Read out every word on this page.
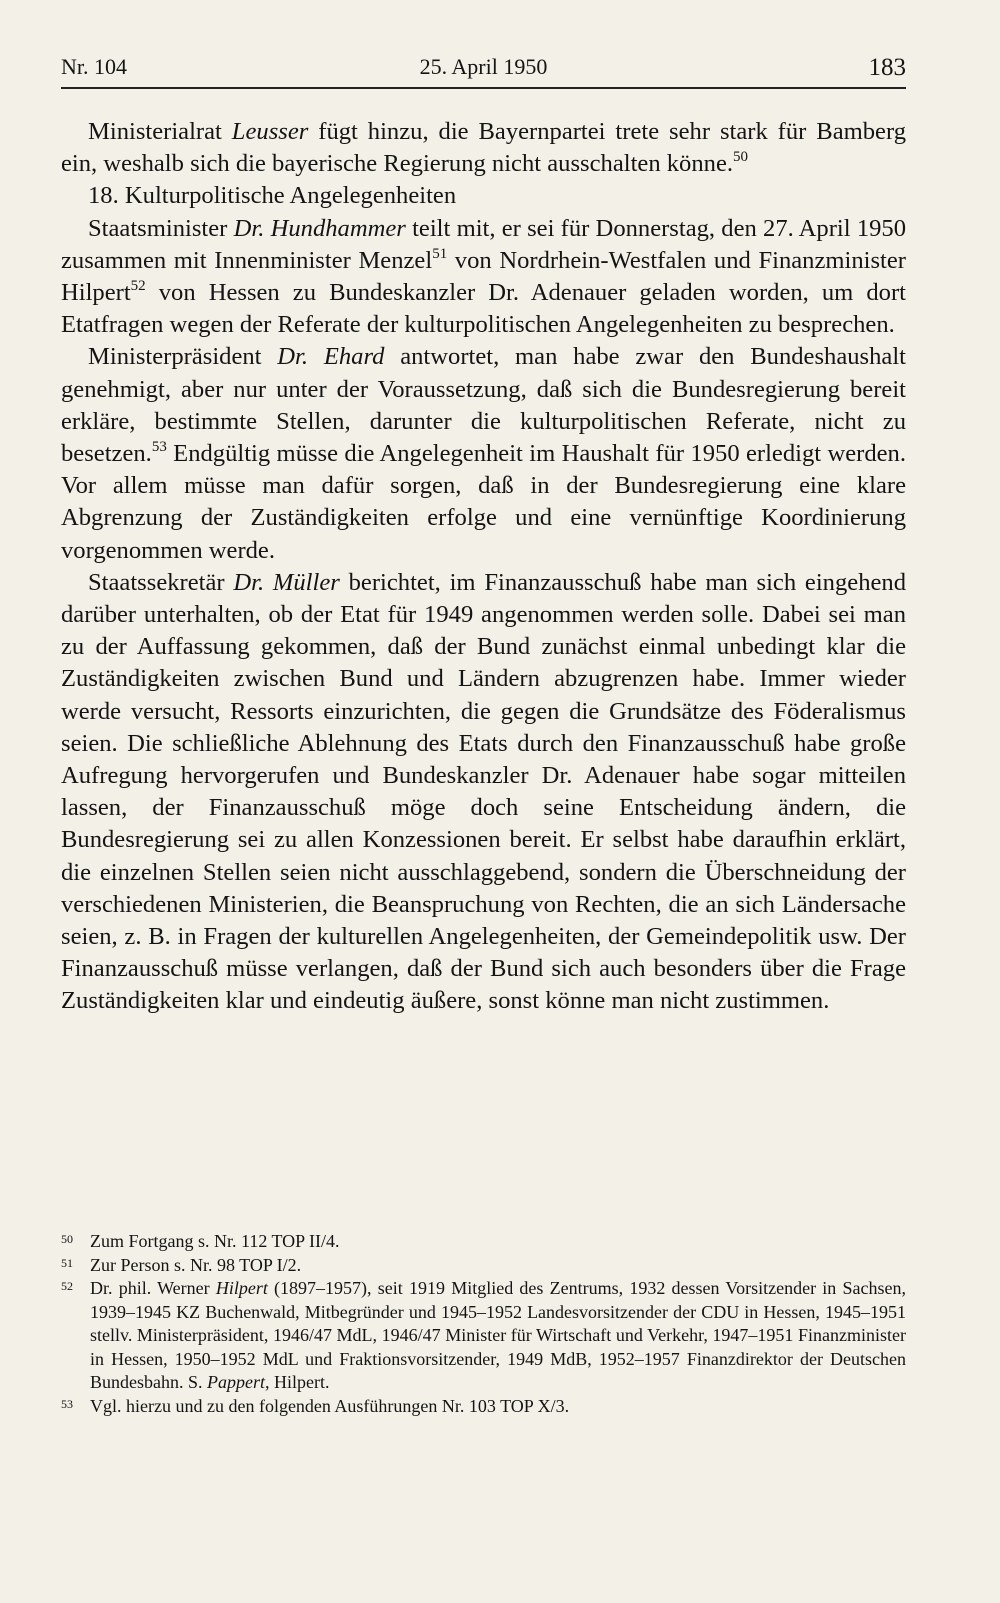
Nr. 104	25. April 1950	183

Ministerialrat Leusser fügt hinzu, die Bayernpartei trete sehr stark für Bamberg ein, weshalb sich die bayerische Regierung nicht ausschalten könne.$^{50}$

18. Kulturpolitische Angelegenheiten

Staatsminister Dr. Hundhammer teilt mit, er sei für Donnerstag, den 27. April 1950 zusammen mit Innenminister Menzel$^{51}$ von Nordrhein-Westfalen und Finanzminister Hilpert$^{52}$ von Hessen zu Bundeskanzler Dr. Adenauer geladen worden, um dort Etatfragen wegen der Referate der kulturpolitischen Angelegenheiten zu besprechen.

Ministerpräsident Dr. Ehard antwortet, man habe zwar den Bundeshaushalt genehmigt, aber nur unter der Voraussetzung, daß sich die Bundesregierung bereit erkläre, bestimmte Stellen, darunter die kulturpolitischen Referate, nicht zu besetzen.$^{53}$ Endgültig müsse die Angelegenheit im Haushalt für 1950 erledigt werden. Vor allem müsse man dafür sorgen, daß in der Bundesregierung eine klare Abgrenzung der Zuständigkeiten erfolge und eine vernünftige Koordinierung vorgenommen werde.

Staatssekretär Dr. Müller berichtet, im Finanzausschuß habe man sich eingehend darüber unterhalten, ob der Etat für 1949 angenommen werden solle. Dabei sei man zu der Auffassung gekommen, daß der Bund zunächst einmal unbedingt klar die Zuständigkeiten zwischen Bund und Ländern abzugrenzen habe. Immer wieder werde versucht, Ressorts einzurichten, die gegen die Grundsätze des Föderalismus seien. Die schließliche Ablehnung des Etats durch den Finanzausschuß habe große Aufregung hervorgerufen und Bundeskanzler Dr. Adenauer habe sogar mitteilen lassen, der Finanzausschuß möge doch seine Entscheidung ändern, die Bundesregierung sei zu allen Konzessionen bereit. Er selbst habe daraufhin erklärt, die einzelnen Stellen seien nicht ausschlaggebend, sondern die Überschneidung der verschiedenen Ministerien, die Beanspruchung von Rechten, die an sich Ländersache seien, z. B. in Fragen der kulturellen Angelegenheiten, der Gemeindepolitik usw. Der Finanzausschuß müsse verlangen, daß der Bund sich auch besonders über die Frage Zuständigkeiten klar und eindeutig äußere, sonst könne man nicht zustimmen.

50 Zum Fortgang s. Nr. 112 TOP II/4.

51 Zur Person s. Nr. 98 TOP I/2.

52 Dr. phil. Werner Hilpert (1897–1957), seit 1919 Mitglied des Zentrums, 1932 dessen Vorsitzender in Sachsen, 1939–1945 KZ Buchenwald, Mitbegründer und 1945–1952 Landesvorsitzender der CDU in Hessen, 1945–1951 stellv. Ministerpräsident, 1946/47 MdL, 1946/47 Minister für Wirtschaft und Verkehr, 1947–1951 Finanzminister in Hessen, 1950–1952 MdL und Fraktionsvorsitzender, 1949 MdB, 1952–1957 Finanzdirektor der Deutschen Bundesbahn. S. Pappert, Hilpert.

53 Vgl. hierzu und zu den folgenden Ausführungen Nr. 103 TOP X/3.
